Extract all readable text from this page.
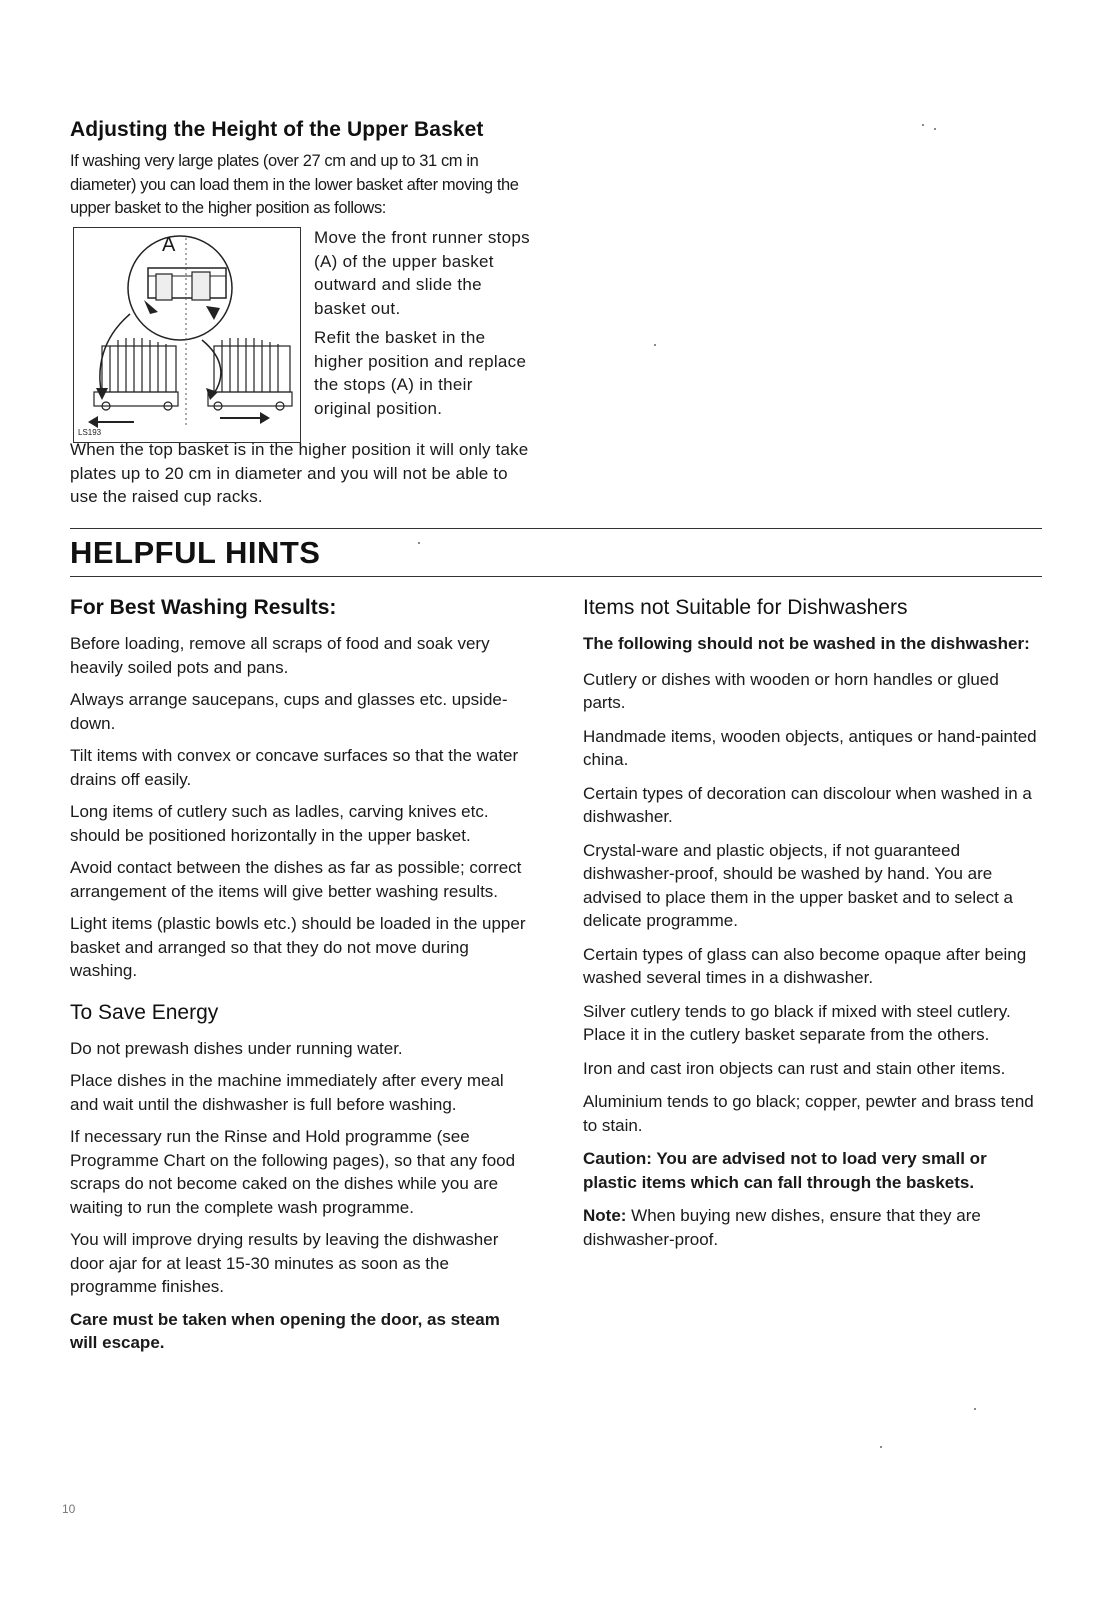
Adjusting the Height of the Upper Basket

If washing very large plates (over 27 cm and up to 31 cm in diameter) you can load them in the lower basket after moving the upper basket to the higher position as follows:

A
LS193

Move the front runner stops (A) of the upper basket outward and slide the basket out.

Refit the basket in the higher position and replace the stops (A) in their original position.

When the top basket is in the higher position it will only take plates up to 20 cm in diameter and you will not be able to use the raised cup racks.

HELPFUL HINTS
For Best Washing Results:

Before loading, remove all scraps of food and soak very heavily soiled pots and pans.

Always arrange saucepans, cups and glasses etc. upside-down.

Tilt items with convex or concave surfaces so that the water drains off easily.

Long items of cutlery such as ladles, carving knives etc. should be positioned horizontally in the upper basket.

Avoid contact between the dishes as far as possible; correct arrangement of the items will give better washing results.

Light items (plastic bowls etc.) should be loaded in the upper basket and arranged so that they do not move during washing.

To Save Energy

Do not prewash dishes under running water.

Place dishes in the machine immediately after every meal and wait until the dishwasher is full before washing.

If necessary run the Rinse and Hold programme (see Programme Chart on the following pages), so that any food scraps do not become caked on the dishes while you are waiting to run the complete wash programme.

You will improve drying results by leaving the dishwasher door ajar for at least 15-30 minutes as soon as the programme finishes.

Care must be taken when opening the door, as steam will escape.

Items not Suitable for Dishwashers

The following should not be washed in the dishwasher:

Cutlery or dishes with wooden or horn handles or glued parts.

Handmade items, wooden objects, antiques or hand-painted china.

Certain types of decoration can discolour when washed in a dishwasher.

Crystal-ware and plastic objects, if not guaranteed dishwasher-proof, should be washed by hand. You are advised to place them in the upper basket and to select a delicate programme.

Certain types of glass can also become opaque after being washed several times in a dishwasher.

Silver cutlery tends to go black if mixed with steel cutlery. Place it in the cutlery basket separate from the others.

Iron and cast iron objects can rust and stain other items.

Aluminium tends to go black; copper, pewter and brass tend to stain.

Caution: You are advised not to load very small or plastic items which can fall through the baskets.

Note: When buying new dishes, ensure that they are dishwasher-proof.

10
